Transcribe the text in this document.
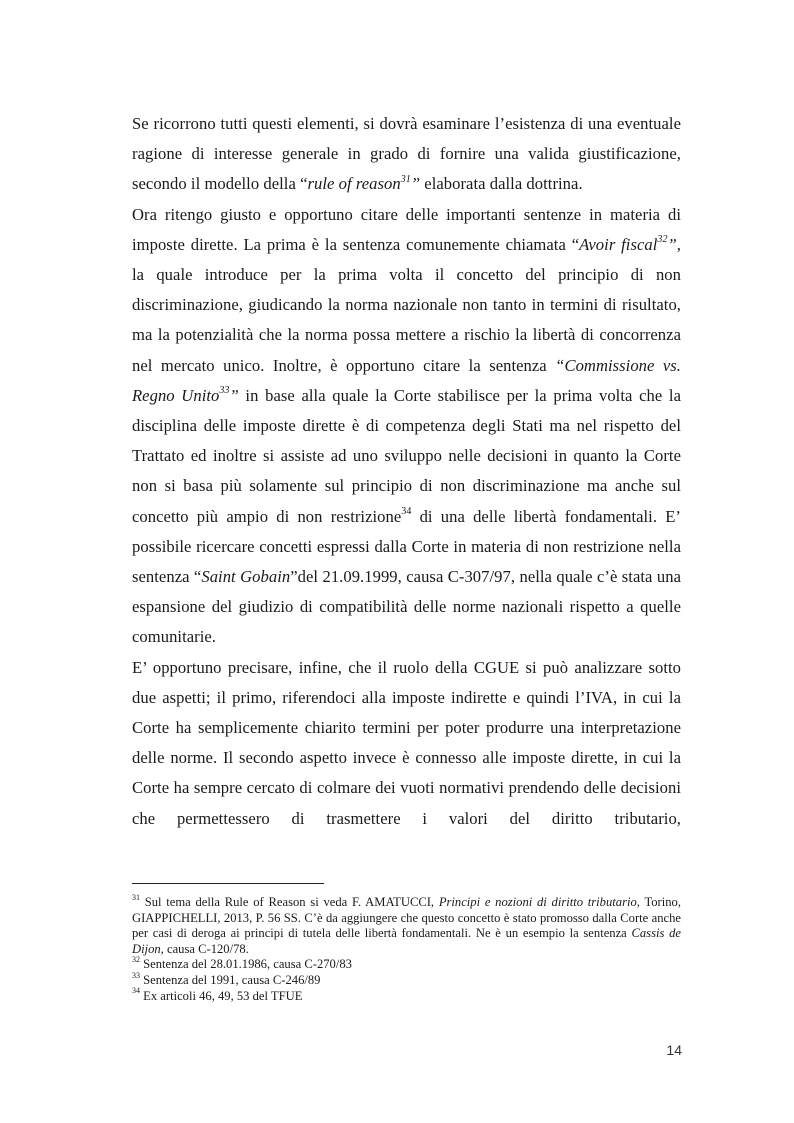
Se ricorrono tutti questi elementi, si dovrà esaminare l’esistenza di una eventuale ragione di interesse generale in grado di fornire una valida giustificazione, secondo il modello della “rule of reason$^{31}$” elaborata dalla dottrina.

Ora ritengo giusto e opportuno citare delle importanti sentenze in materia di imposte dirette. La prima è la sentenza comunemente chiamata “Avoir fiscal$^{32}$”, la quale introduce per la prima volta il concetto del principio di non discriminazione, giudicando la norma nazionale non tanto in termini di risultato, ma la potenzialità che la norma possa mettere a rischio la libertà di concorrenza nel mercato unico. Inoltre, è opportuno citare la sentenza “Commissione vs. Regno Unito$^{33}$” in base alla quale la Corte stabilisce per la prima volta che la disciplina delle imposte dirette è di competenza degli Stati ma nel rispetto del Trattato ed inoltre si assiste ad uno sviluppo nelle decisioni in quanto la Corte non si basa più solamente sul principio di non discriminazione ma anche sul concetto più ampio di non restrizione$^{34}$ di una delle libertà fondamentali. E’ possibile ricercare concetti espressi dalla Corte in materia di non restrizione nella sentenza “Saint Gobain”del 21.09.1999, causa C-307/97, nella quale c’è stata una espansione del giudizio di compatibilità delle norme nazionali rispetto a quelle comunitarie.

E’ opportuno precisare, infine, che il ruolo della CGUE si può analizzare sotto due aspetti; il primo, riferendoci alla imposte indirette e quindi l’IVA, in cui la Corte ha semplicemente chiarito termini per poter produrre una interpretazione delle norme. Il secondo aspetto invece è connesso alle imposte dirette, in cui la Corte ha sempre cercato di colmare dei vuoti normativi prendendo delle decisioni che permettessero di trasmettere i valori del diritto tributario,

$^{31}$ Sul tema della Rule of Reason si veda F. AMATUCCI, Principi e nozioni di diritto tributario, Torino, GIAPPICHELLI, 2013, P. 56 SS. C’è da aggiungere che questo concetto è stato promosso dalla Corte anche per casi di deroga ai principi di tutela delle libertà fondamentali. Ne è un esempio la sentenza Cassis de Dijon, causa C-120/78.

$^{32}$ Sentenza del 28.01.1986, causa C-270/83

$^{33}$ Sentenza del 1991, causa C-246/89

$^{34}$ Ex articoli 46, 49, 53 del TFUE

14
